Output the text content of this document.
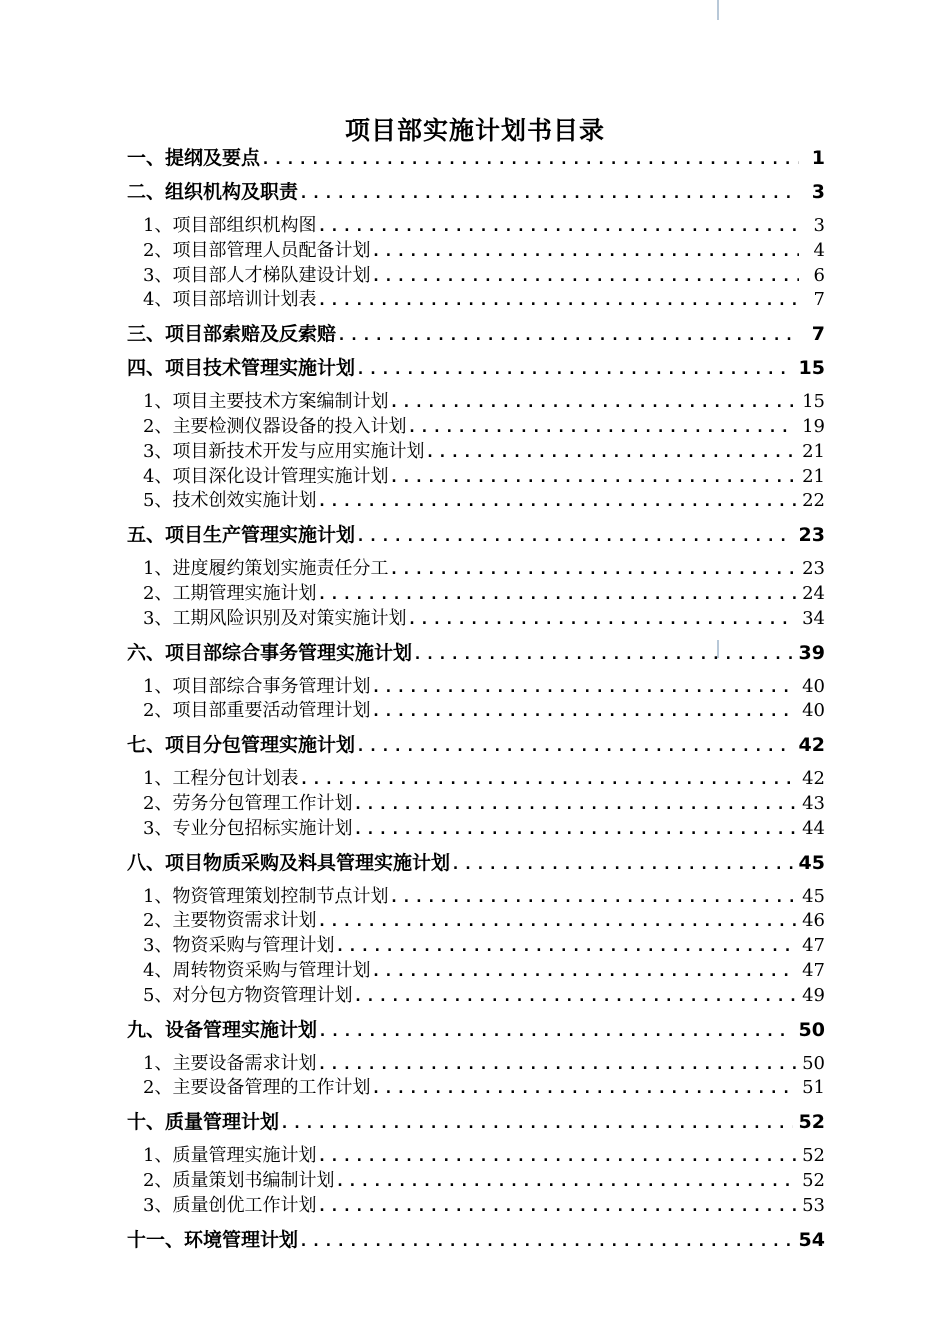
项目部实施计划书目录
一、提纲及要点 .....	1
二、组织机构及职责 .....	3
1、项目部组织机构图 .....	3
2、项目部管理人员配备计划 .....	4
3、项目部人才梯队建设计划 .....	6
4、项目部培训计划表 .....	7
三、项目部索赔及反索赔 .....	7
四、项目技术管理实施计划 .....	15
1、项目主要技术方案编制计划 .....	15
2、主要检测仪器设备的投入计划 .....	19
3、项目新技术开发与应用实施计划 .....	21
4、项目深化设计管理实施计划 .....	21
5、技术创效实施计划 .....	22
五、项目生产管理实施计划 .....	23
1、进度履约策划实施责任分工 .....	23
2、工期管理实施计划 .....	24
3、工期风险识别及对策实施计划 .....	34
六、项目部综合事务管理实施计划 .....	39
1、项目部综合事务管理计划 .....	40
2、项目部重要活动管理计划 .....	40
七、项目分包管理实施计划 .....	42
1、工程分包计划表 .....	42
2、劳务分包管理工作计划 .....	43
3、专业分包招标实施计划 .....	44
八、项目物质采购及料具管理实施计划 .....	45
1、物资管理策划控制节点计划 .....	45
2、主要物资需求计划 .....	46
3、物资采购与管理计划 .....	47
4、周转物资采购与管理计划 .....	47
5、对分包方物资管理计划 .....	49
九、设备管理实施计划 .....	50
1、主要设备需求计划 .....	50
2、主要设备管理的工作计划 .....	51
十、质量管理计划 .....	52
1、质量管理实施计划 .....	52
2、质量策划书编制计划 .....	52
3、质量创优工作计划 .....	53
十一、环境管理计划 .....	54
